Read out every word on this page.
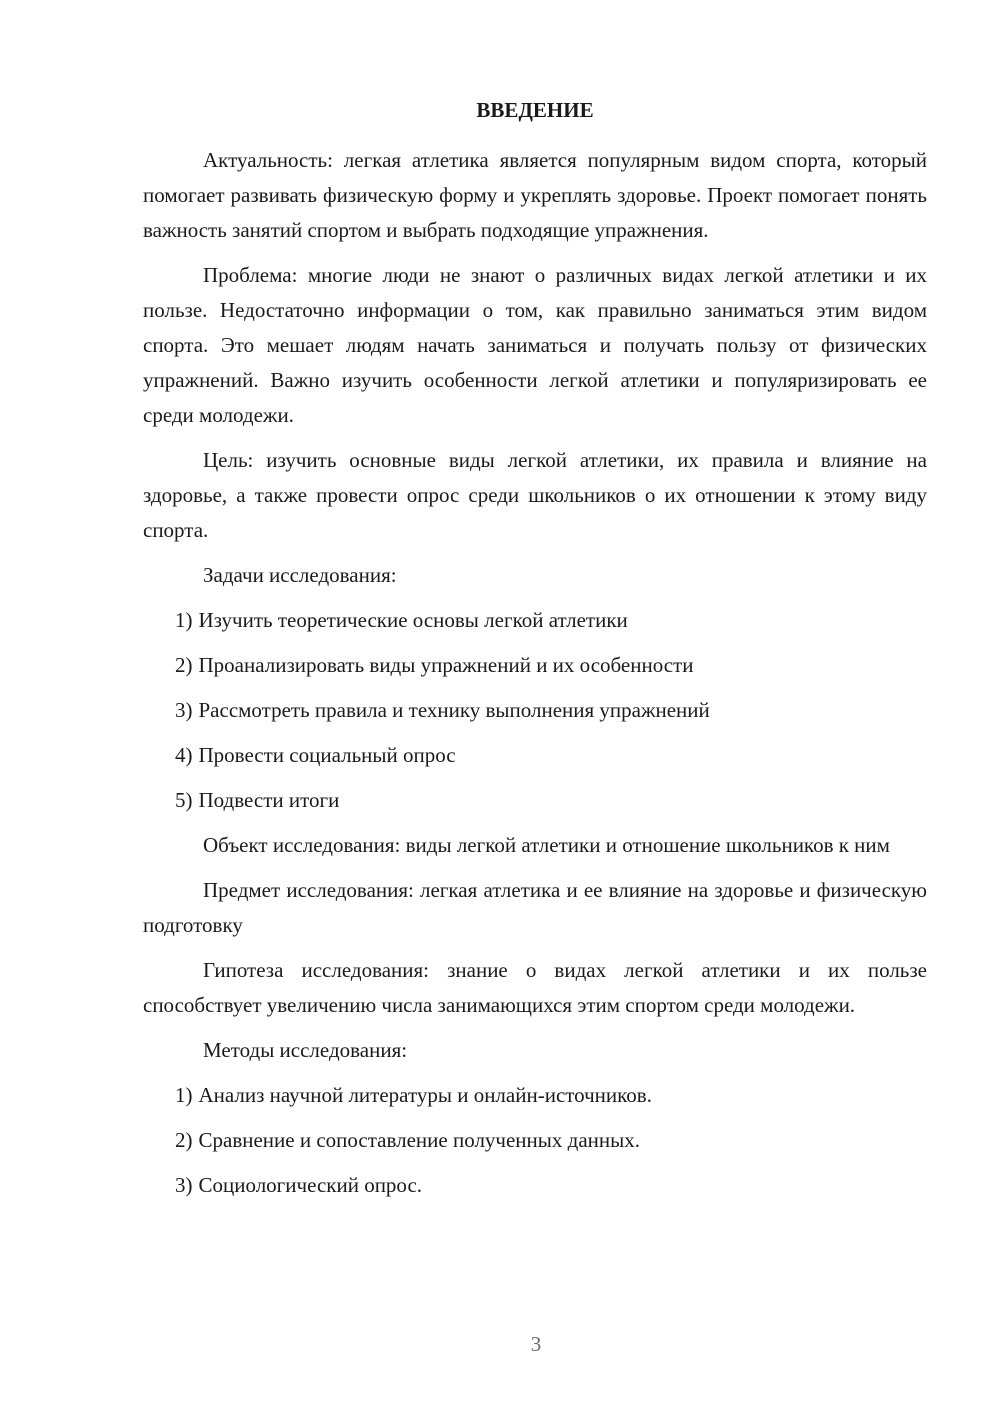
ВВЕДЕНИЕ
Актуальность: легкая атлетика является популярным видом спорта, который помогает развивать физическую форму и укреплять здоровье. Проект помогает понять важность занятий спортом и выбрать подходящие упражнения.
Проблема: многие люди не знают о различных видах легкой атлетики и их пользе. Недостаточно информации о том, как правильно заниматься этим видом спорта. Это мешает людям начать заниматься и получать пользу от физических упражнений. Важно изучить особенности легкой атлетики и популяризировать ее среди молодежи.
Цель: изучить основные виды легкой атлетики, их правила и влияние на здоровье, а также провести опрос среди школьников о их отношении к этому виду спорта.
Задачи исследования:
1) Изучить теоретические основы легкой атлетики
2) Проанализировать виды упражнений и их особенности
3) Рассмотреть правила и технику выполнения упражнений
4) Провести социальный опрос
5) Подвести итоги
Объект исследования: виды легкой атлетики и отношение школьников к ним
Предмет исследования: легкая атлетика и ее влияние на здоровье и физическую подготовку
Гипотеза исследования: знание о видах легкой атлетики и их пользе способствует увеличению числа занимающихся этим спортом среди молодежи.
Методы исследования:
1) Анализ научной литературы и онлайн-источников.
2) Сравнение и сопоставление полученных данных.
3) Социологический опрос.
3
